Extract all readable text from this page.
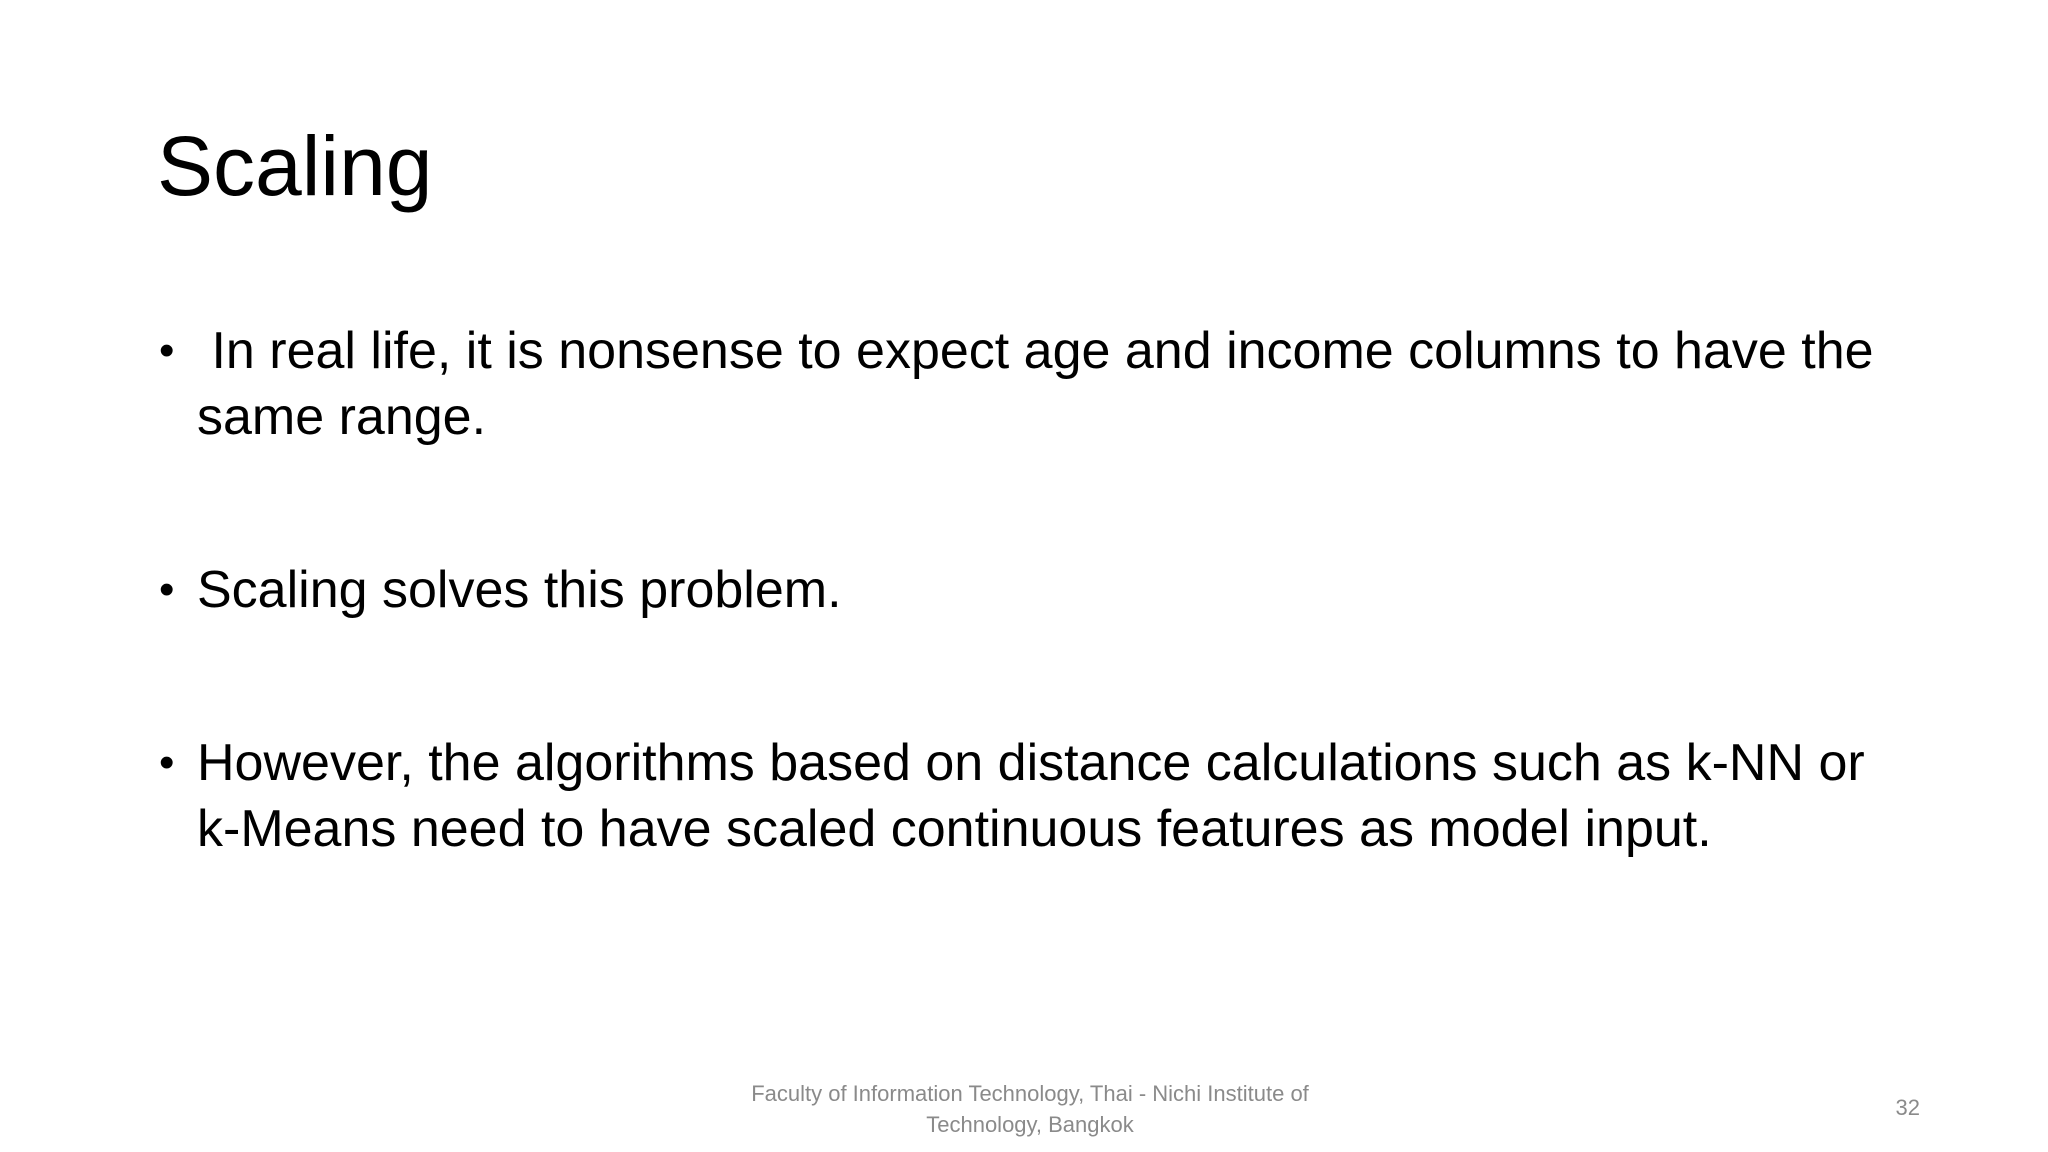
Scaling
• In real life, it is nonsense to expect age and income columns to have the same range.
• Scaling solves this problem.
• However, the algorithms based on distance calculations such as k-NN or k-Means need to have scaled continuous features as model input.
Faculty of Information Technology, Thai - Nichi Institute of Technology, Bangkok
32
